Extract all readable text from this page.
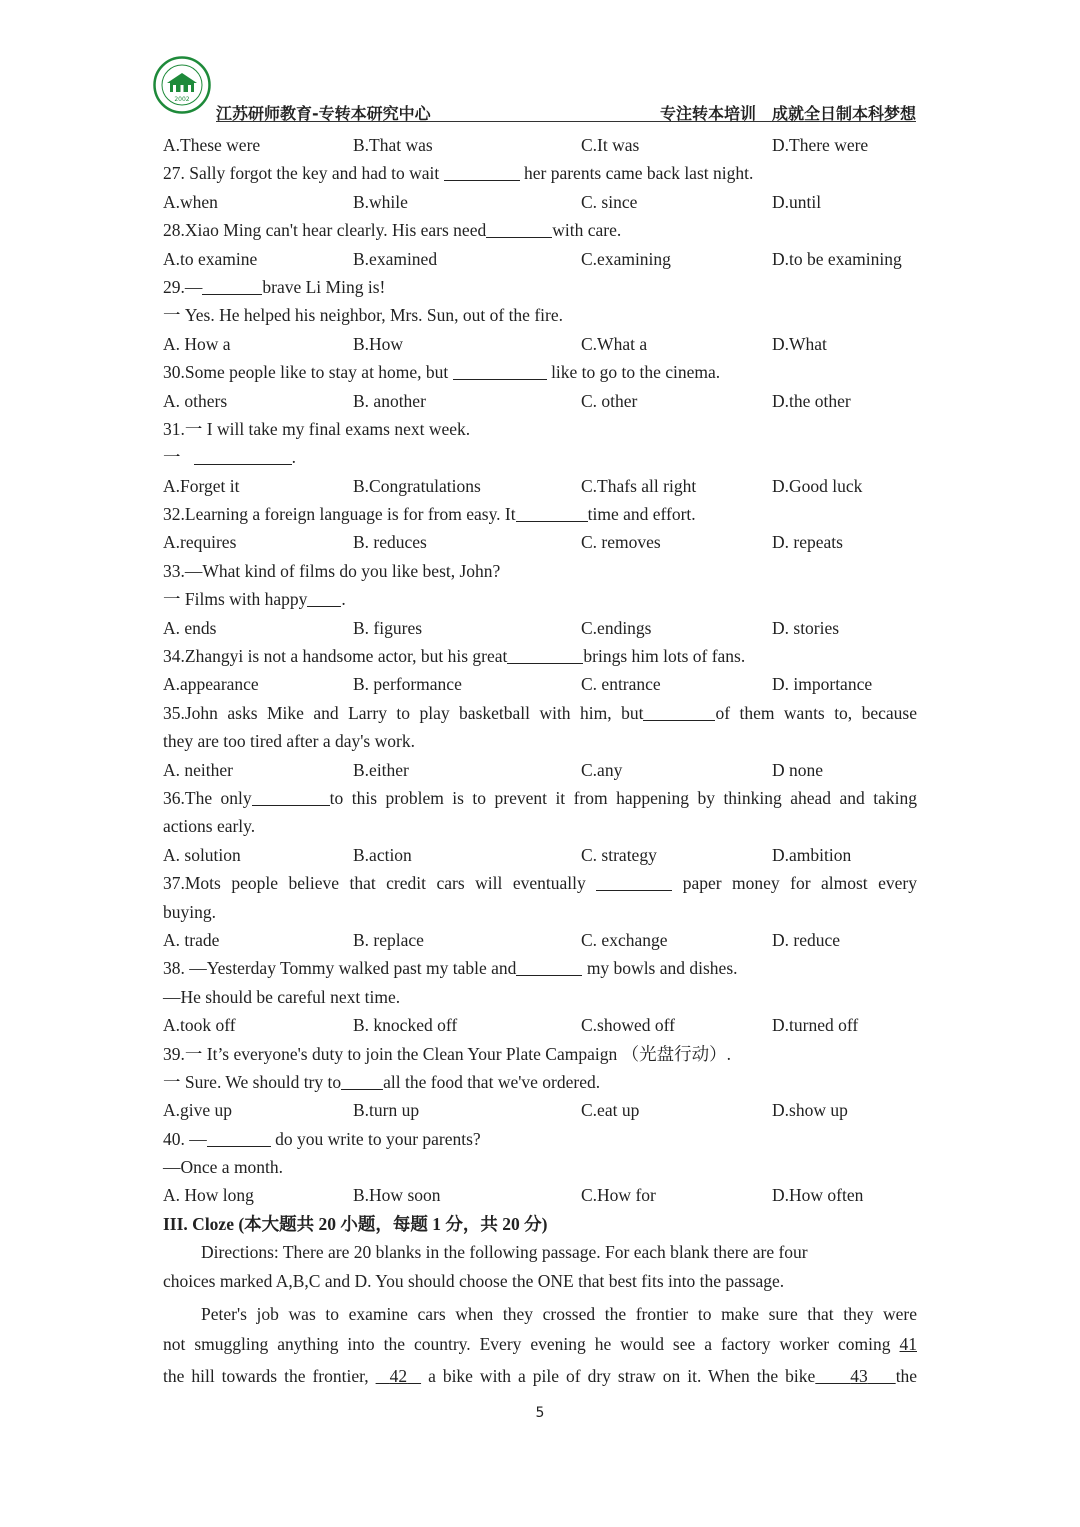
2002
江苏研师教育-专转本研究中心	专注转本培训　成就全日制本科梦想
A.These were	B.That was	C.It was	D.There were
27. Sally forgot the key and had to wait	her parents came back last night.
A.when	B.while	C. since	D.until
28.Xiao Ming can't hear clearly. His ears need	with care.
A.to examine	B.examined	C.examining	D.to be examining
29.—	brave Li Ming is!
一 Yes. He helped his neighbor, Mrs. Sun, out of the fire.
A. How a	B.How	C.What a	D.What
30.Some people like to stay at home, but	like to go to the cinema.
A. others	B. another	C. other	D.the other
31.一 I will take my final exams next week.
一	.
A.Forget it	B.Congratulations	C.Thafs all right	D.Good luck
32.Learning a foreign language is for from easy. It	time and effort.
A.requires	B. reduces	C. removes	D. repeats
33.—What kind of films do you like best, John?
一 Films with happy .
A. ends	B. figures	C.endings	D. stories
34.Zhangyi is not a handsome actor, but his great	brings him lots of fans.
A.appearance	B. performance	C. entrance	D. importance
35.John asks Mike and Larry to play basketball with him, but	of them wants to, because
they are too tired after a day's work.
A. neither	B.either	C.any	D none
36.The only	to this problem is to prevent it from happening by thinking ahead and taking
actions early.
A. solution	B.action	C. strategy	D.ambition
37.Mots people believe that credit cars will eventually	paper money for almost every
buying.
A. trade	B. replace	C. exchange	D. reduce
38. —Yesterday Tommy walked past my table and	my bowls and dishes.
—He should be careful next time.
A.took off	B. knocked off	C.showed off	D.turned off
39.一 It’s everyone's duty to join the Clean Your Plate Campaign （光盘行动）.
一 Sure. We should try to all the food that we've ordered.
A.give up	B.turn up	C.eat up	D.show up
40. —	do you write to your parents?
—Once a month.
A. How long	B.How soon	C.How for	D.How often
III. Cloze (本大题共 20 小题，每题 1 分，共 20 分)
Directions: There are 20 blanks in the following passage. For each blank there are four
choices marked A,B,C and D. You should choose the ONE that best fits into the passage.
Peter's job was to examine cars when they crossed the frontier to make sure that they were
not smuggling anything into the country. Every evening he would see a factory worker coming 41
the hill towards the frontier, 42 a bike with a pile of dry straw on it. When the bike 43 the
5
